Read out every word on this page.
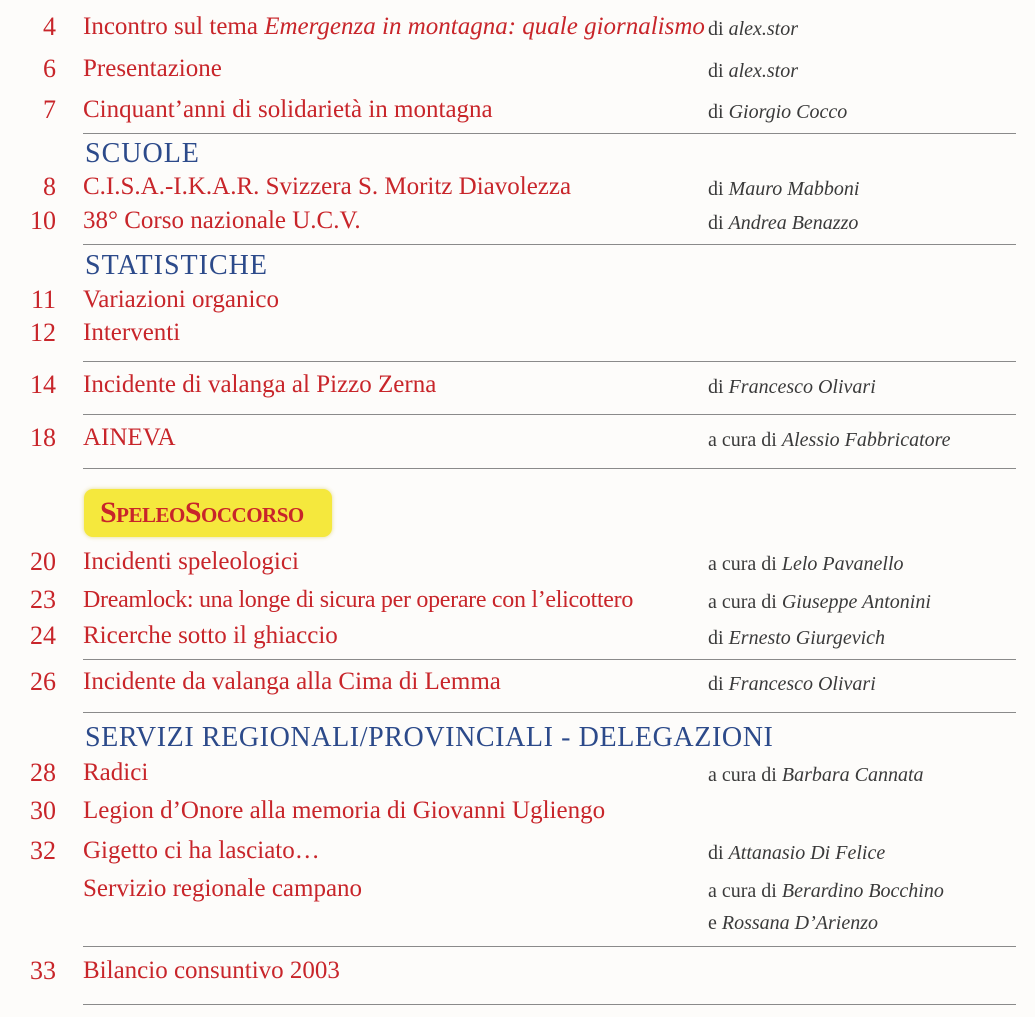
4 Incontro sul tema Emergenza in montagna: quale giornalismo di alex.stor
6 Presentazione	di alex.stor
7 Cinquant’anni di solidarietà in montagna	di Giorgio Cocco
SCUOLE
8 C.I.S.A.-I.K.A.R. Svizzera S. Moritz Diavolezza	di Mauro Mabboni
10 38° Corso nazionale U.C.V.	di Andrea Benazzo
STATISTICHE
11 Variazioni organico
12 Interventi
14 Incidente di valanga al Pizzo Zerna	di Francesco Olivari
18 AINEVA	a cura di Alessio Fabbricatore
SpeleoSoccorso
20 Incidenti speleologici	a cura di Lelo Pavanello
23 Dreamlock: una longe di sicura per operare con l’elicottero	a cura di Giuseppe Antonini
24 Ricerche sotto il ghiaccio	di Ernesto Giurgevich
26 Incidente da valanga alla Cima di Lemma	di Francesco Olivari
SERVIZI REGIONALI/PROVINCIALI - DELEGAZIONI
28 Radici	a cura di Barbara Cannata
30 Legion d’Onore alla memoria di Giovanni Ugliengo
32 Gigetto ci ha lasciato…	di Attanasio Di Felice
Servizio regionale campano	a cura di Berardino Bocchino
e Rossana D’Arienzo
33 Bilancio consuntivo 2003
